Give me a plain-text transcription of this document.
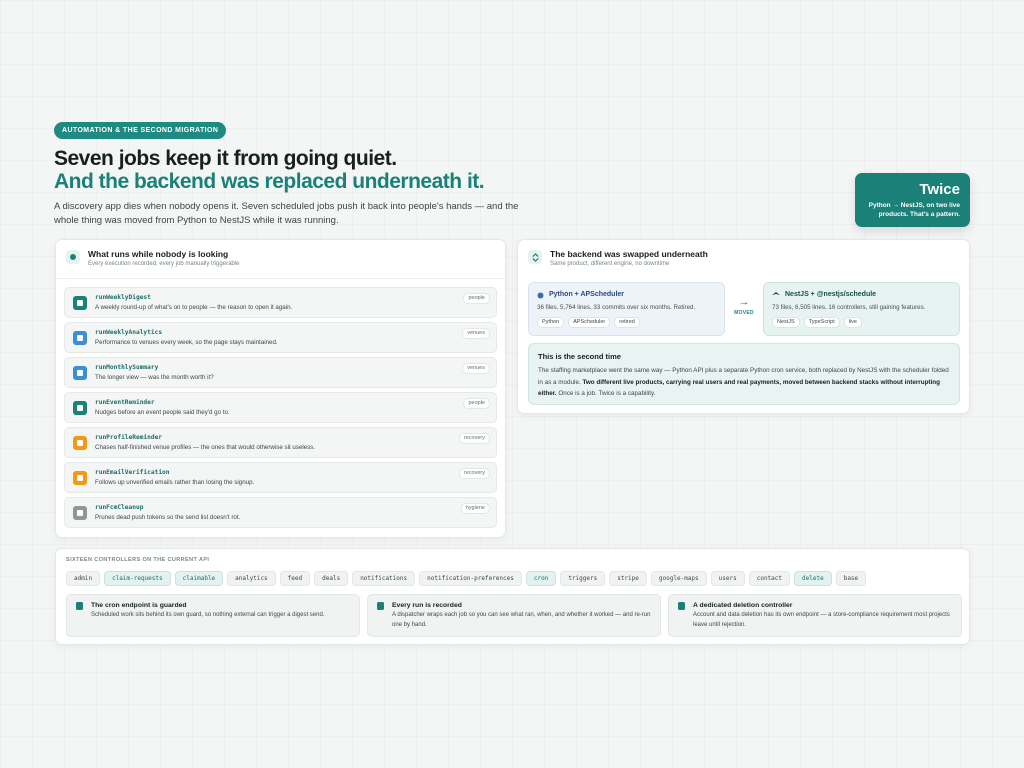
AUTOMATION & THE SECOND MIGRATION
Seven jobs keep it from going quiet.
And the backend was replaced underneath it.

A discovery app dies when nobody opens it. Seven scheduled jobs push it back into people's hands — and the whole thing was moved from Python to NestJS while it was running.

Twice
Python → NestJS, on two live products. That's a pattern.
What runs while nobody is looking
Every execution recorded, every job manually triggerable
runWeeklyDigest
A weekly round-up of what's on to people — the reason to open it again.
people
runWeeklyAnalytics
Performance to venues every week, so the page stays maintained.
venues
runMonthlySummary
The longer view — was the month worth it?
venues
runEventReminder
Nudges before an event people said they'd go to.
people
runProfileReminder
Chases half-finished venue profiles — the ones that would otherwise sit useless.
recovery
runEmailVerification
Follows up unverified emails rather than losing the signup.
recovery
runFcmCleanup
Prunes dead push tokens so the send list doesn't rot.
hygiene
The backend was swapped underneath
Same product, different engine, no downtime
Python + APScheduler
36 files, 5,764 lines, 33 commits over six months. Retired.
Python	APScheduler	retired
→
MOVED
NestJS + @nestjs/schedule
73 files, 6,505 lines, 16 controllers, still gaining features.
NestJS	TypeScript	live
This is the second time
The staffing marketplace went the same way — Python API plus a separate Python cron service, both replaced by NestJS with the scheduler folded in as a module. Two different live products, carrying real users and real payments, moved between backend stacks without interrupting either. Once is a job. Twice is a capability.
SIXTEEN CONTROLLERS ON THE CURRENT API
admin	claim-requests	claimable	analytics	feed	deals	notifications	notification-preferences	cron	triggers	stripe	google-maps	users	contact	delete	base
The cron endpoint is guarded
Scheduled work sits behind its own guard, so nothing external can trigger a digest send.
Every run is recorded
A dispatcher wraps each job so you can see what ran, when, and whether it worked — and re-run one by hand.
A dedicated deletion controller
Account and data deletion has its own endpoint — a store-compliance requirement most projects leave until rejection.
